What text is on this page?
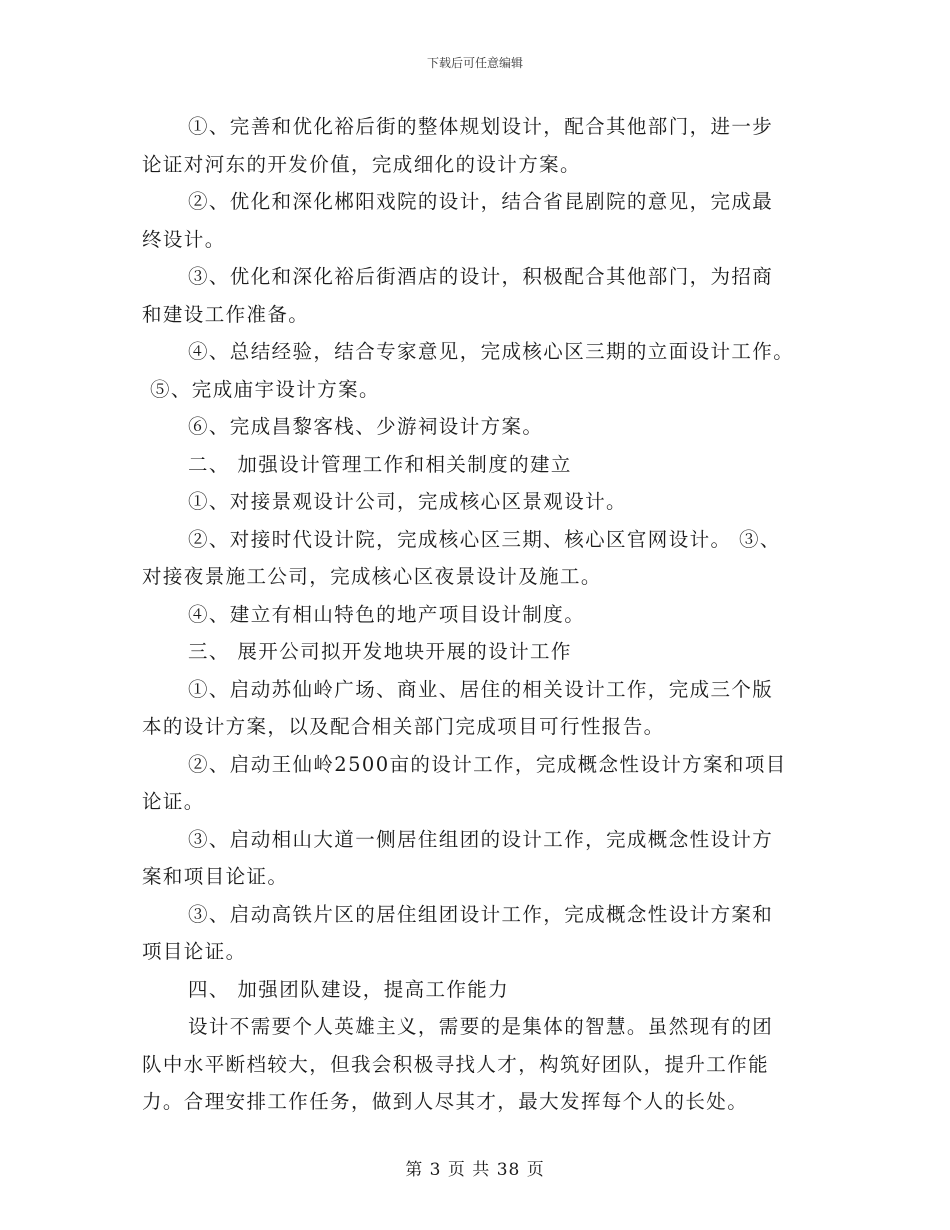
下载后可任意编辑
①、完善和优化裕后街的整体规划设计，配合其他部门，进一步
论证对河东的开发价值，完成细化的设计方案。
②、优化和深化郴阳戏院的设计，结合省昆剧院的意见，完成最
终设计。
③、优化和深化裕后街酒店的设计，积极配合其他部门，为招商
和建设工作准备。
④、总结经验，结合专家意见，完成核心区三期的立面设计工作。
⑤、完成庙宇设计方案。
⑥、完成昌黎客栈、少游祠设计方案。
二、 加强设计管理工作和相关制度的建立
①、对接景观设计公司，完成核心区景观设计。
②、对接时代设计院，完成核心区三期、核心区官网设计。 ③、
对接夜景施工公司，完成核心区夜景设计及施工。
④、建立有相山特色的地产项目设计制度。
三、 展开公司拟开发地块开展的设计工作
①、启动苏仙岭广场、商业、居住的相关设计工作，完成三个版
本的设计方案，以及配合相关部门完成项目可行性报告。
②、启动王仙岭2500亩的设计工作，完成概念性设计方案和项目
论证。
③、启动相山大道一侧居住组团的设计工作，完成概念性设计方
案和项目论证。
③、启动高铁片区的居住组团设计工作，完成概念性设计方案和
项目论证。
四、 加强团队建设，提高工作能力
设计不需要个人英雄主义，需要的是集体的智慧。虽然现有的团
队中水平断档较大，但我会积极寻找人才，构筑好团队，提升工作能
力。合理安排工作任务，做到人尽其才，最大发挥每个人的长处。
第 3 页 共 38 页
